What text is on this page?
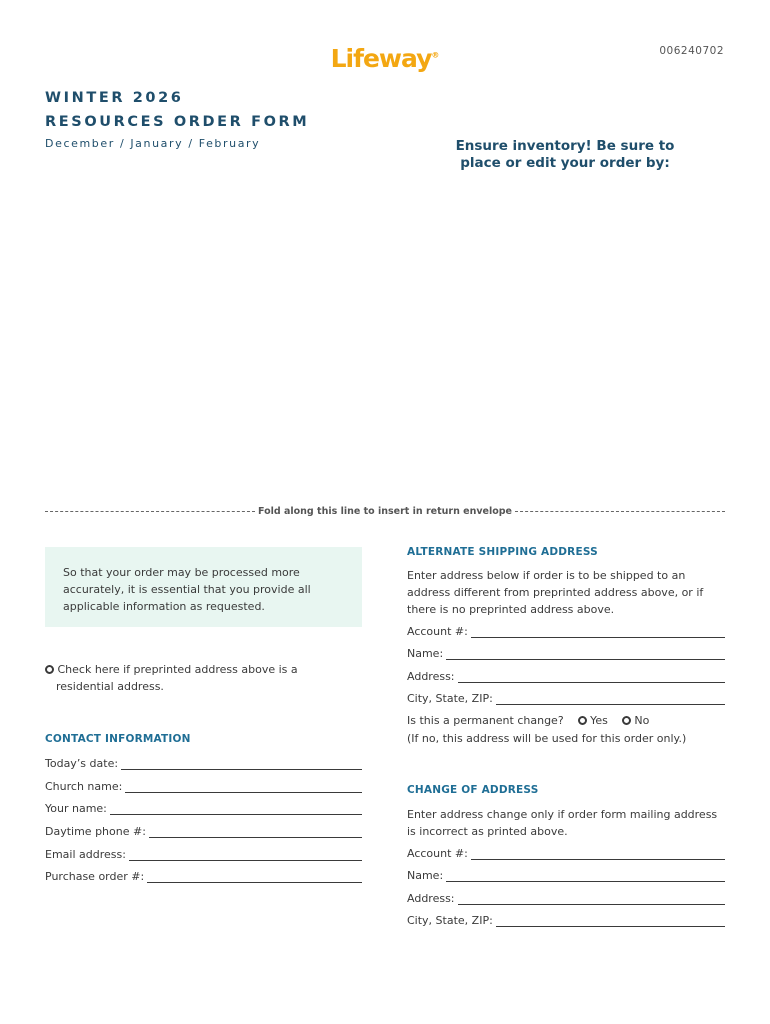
Lifeway®	006240702
WINTER 2026
RESOURCES ORDER FORM
December / January / February	Ensure inventory! Be sure to
place or edit your order by:
Fold along this line to insert in return envelope
So that your order may be processed more accurately, it is essential that you provide all applicable information as requested.
Check here if preprinted address above is a
residential address.
CONTACT INFORMATION
Today’s date:
Church name:
Your name:
Daytime phone #:
Email address:
Purchase order #:
ALTERNATE SHIPPING ADDRESS
Enter address below if order is to be shipped to an address different from preprinted address above, or if there is no preprinted address above.
Account #:
Name:
Address:
City, State, ZIP:
Is this a permanent change? Yes No
(If no, this address will be used for this order only.)
CHANGE OF ADDRESS
Enter address change only if order form mailing address is incorrect as printed above.
Account #:
Name:
Address:
City, State, ZIP:
